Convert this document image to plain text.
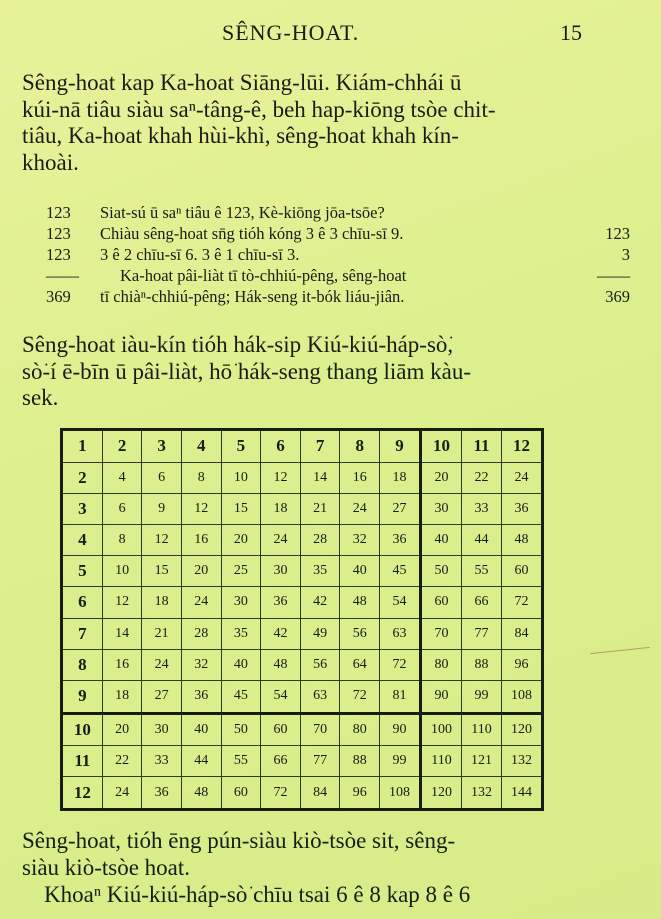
SÊNG-HOAT.	15
Sêng-hoat kap Ka-hoat Siāng-lūi. Kiám-chhái ū
kúi-nā tiâu siàu saⁿ-tâng-ê, beh hap-kiōng tsòe chit-
tiâu, Ka-hoat khah hùi-khì, sêng-hoat khah kín-
khoài.
123 Siat-sú ū saⁿ tiâu ê 123, Kè-kiōng jōa-tsōe?
123 Chiàu sêng-hoat sn̄g tióh kóng 3 ê 3 chīu-sī 9.	123
123 3 ê 2 chīu-sī 6. 3 ê 1 chīu-sī 3.	3
—— Ka-hoat pâi-liàt tī tò-chhiú-pêng, sêng-hoat	——
369 tī chiàⁿ-chhiú-pêng; Hák-seng it-bók liáu-jiân.	369
Sêng-hoat iàu-kín tióh hák-sip Kiú-kiú-háp-sò͘,
sò͘-í ē-bīn ū pâi-liàt, hō͘ hák-seng thang liām kàu-
sek.
1	2	3	4	5	6	7	8	9	10	11	12
2	4	6	8	10	12	14	16	18	20	22	24
3	6	9	12	15	18	21	24	27	30	33	36
4	8	12	16	20	24	28	32	36	40	44	48
5	10	15	20	25	30	35	40	45	50	55	60
6	12	18	24	30	36	42	48	54	60	66	72
7	14	21	28	35	42	49	56	63	70	77	84
8	16	24	32	40	48	56	64	72	80	88	96
9	18	27	36	45	54	63	72	81	90	99	108
10	20	30	40	50	60	70	80	90	100	110	120
11	22	33	44	55	66	77	88	99	110	121	132
12	24	36	48	60	72	84	96	108	120	132	144
Sêng-hoat, tióh ēng pún-siàu kiò-tsòe sit, sêng-
siàu kiò-tsòe hoat.
Khoaⁿ Kiú-kiú-háp-sò͘ chīu tsai 6 ê 8 kap 8 ê 6
